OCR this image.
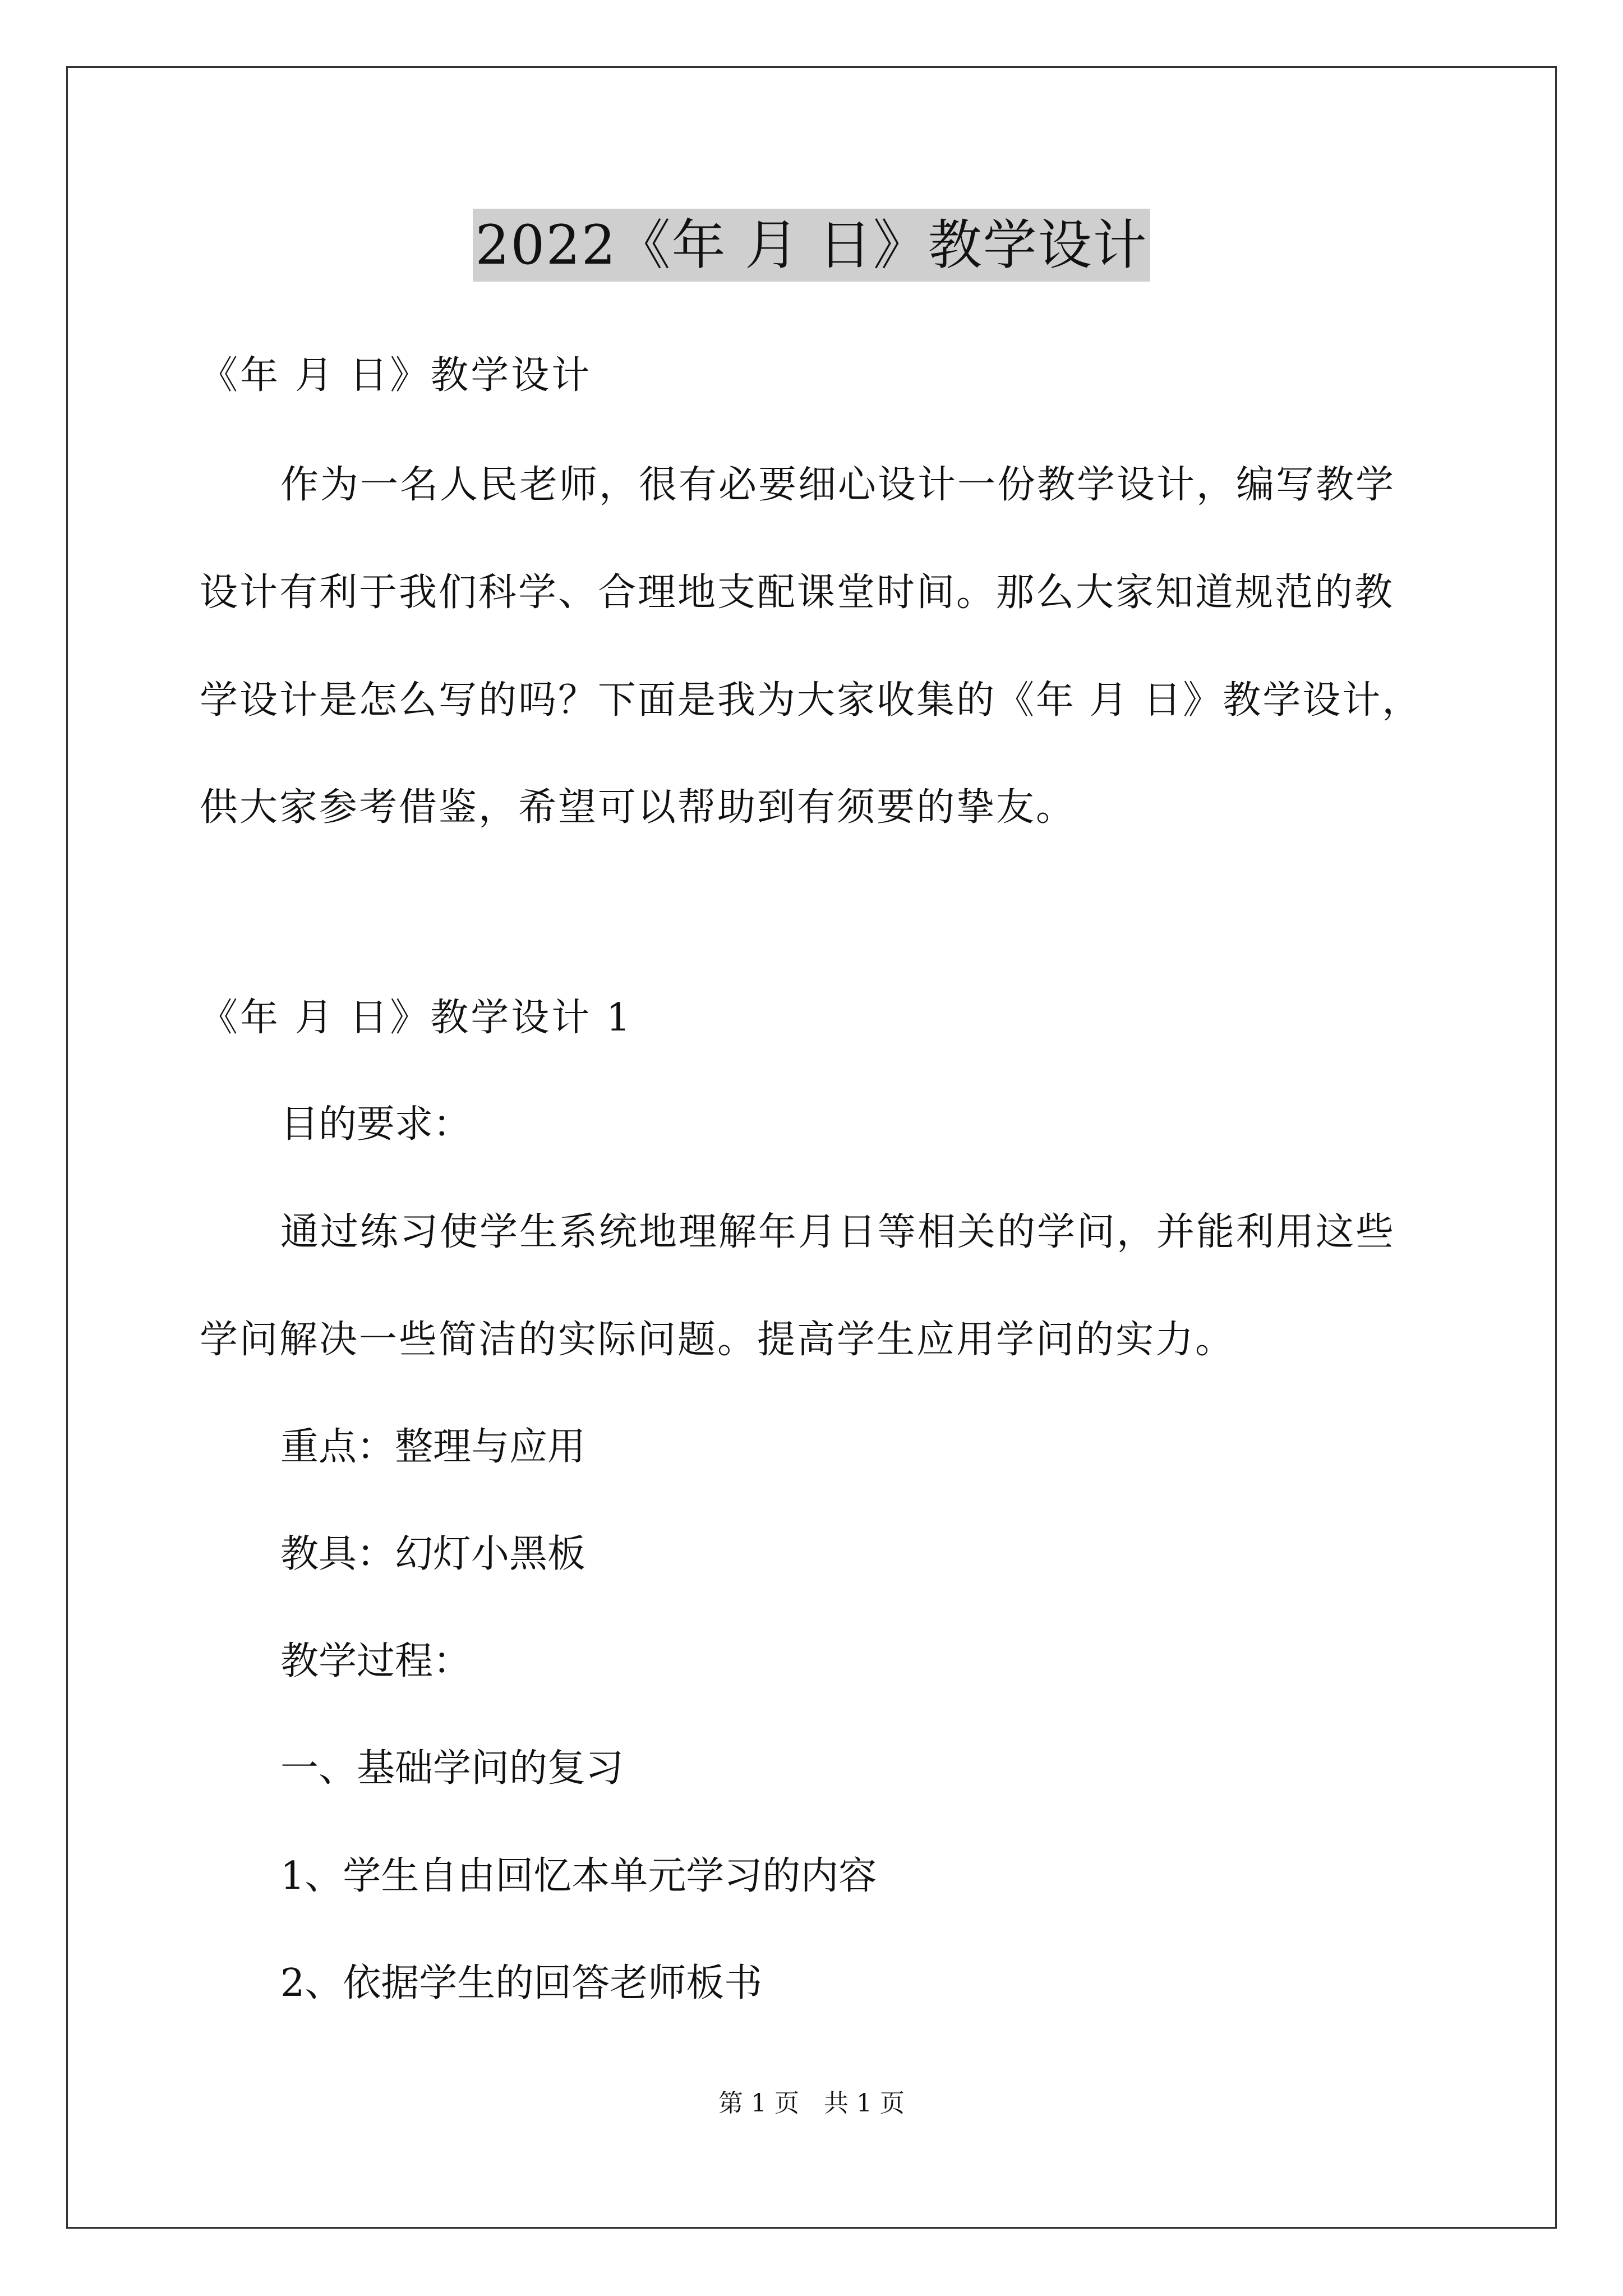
2022《年 月 日》教学设计
《年 月 日》教学设计
作为一名人民老师，很有必要细心设计一份教学设计，编写教学
设计有利于我们科学、合理地支配课堂时间。那么大家知道规范的教
学设计是怎么写的吗？下面是我为大家收集的《年 月 日》教学设计，
供大家参考借鉴，希望可以帮助到有须要的挚友。
《年 月 日》教学设计 1
目的要求：
通过练习使学生系统地理解年月日等相关的学问，并能利用这些
学问解决一些简洁的实际问题。提高学生应用学问的实力。
重点：整理与应用
教具：幻灯小黑板
教学过程：
一、基础学问的复习
1、学生自由回忆本单元学习的内容
2、依据学生的回答老师板书
第 1 页　共 1 页
